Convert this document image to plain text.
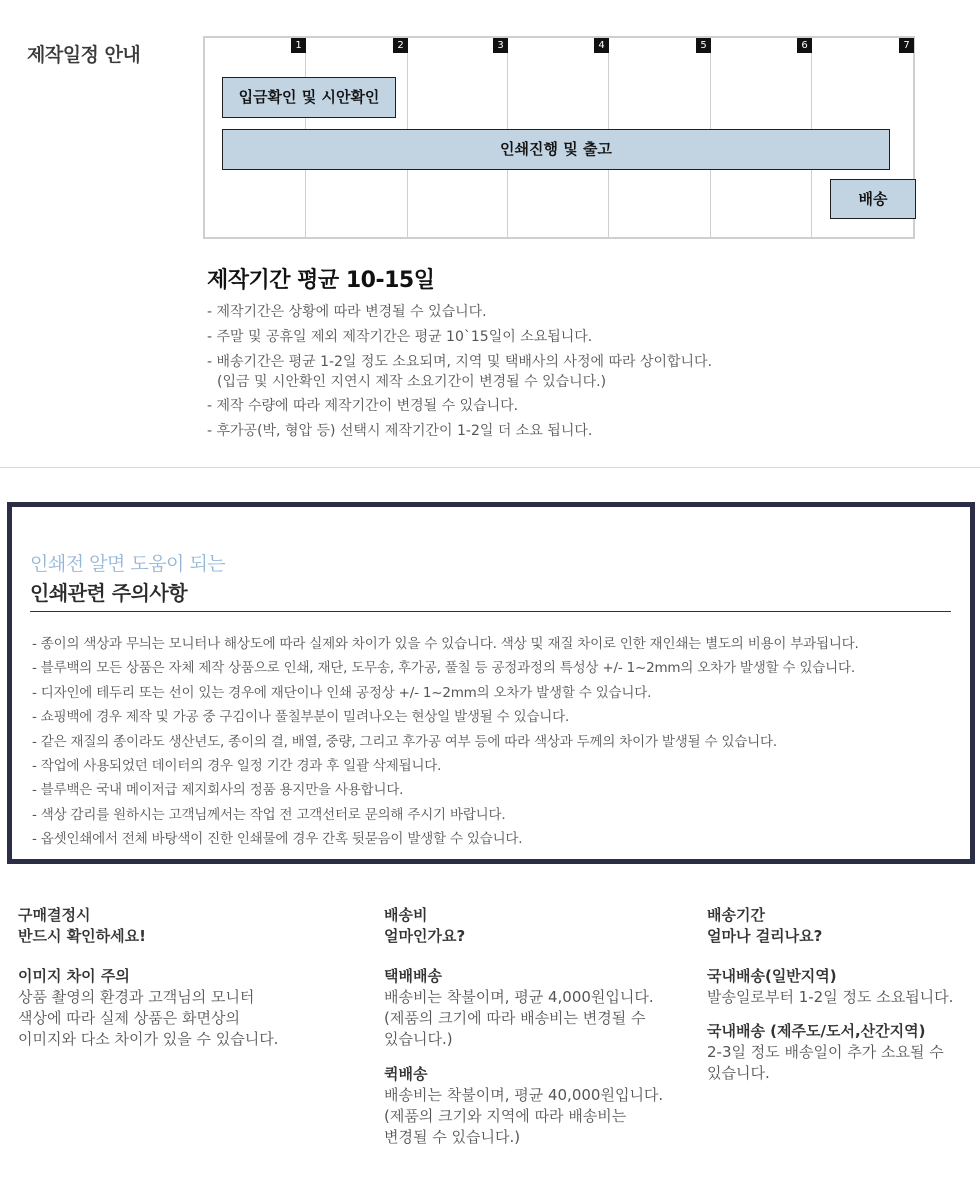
제작일정 안내	1	2	3	4	5	6	7
입금확인 및 시안확인
인쇄진행 및 출고
배송
제작기간 평균 10-15일
- 제작기간은 상황에 따라 변경될 수 있습니다.
- 주말 및 공휴일 제외 제작기간은 평균 10`15일이 소요됩니다.
- 배송기간은 평균 1-2일 정도 소요되며, 지역 및 택배사의 사정에 따라 상이합니다.
(입금 및 시안확인 지연시 제작 소요기간이 변경될 수 있습니다.)
- 제작 수량에 따라 제작기간이 변경될 수 있습니다.
- 후가공(박, 형압 등) 선택시 제작기간이 1-2일 더 소요 됩니다.
인쇄전 알면 도움이 되는
인쇄관련 주의사항
- 종이의 색상과 무늬는 모니터나 해상도에 따라 실제와 차이가 있을 수 있습니다. 색상 및 재질 차이로 인한 재인쇄는 별도의 비용이 부과됩니다.
- 블루백의 모든 상품은 자체 제작 상품으로 인쇄, 재단, 도무송, 후가공, 풀칠 등 공정과정의 특성상 +/- 1~2mm의 오차가 발생할 수 있습니다.
- 디자인에 테두리 또는 선이 있는 경우에 재단이나 인쇄 공정상 +/- 1~2mm의 오차가 발생할 수 있습니다.
- 쇼핑백에 경우 제작 및 가공 중 구김이나 풀칠부분이 밀려나오는 현상일 발생될 수 있습니다.
- 같은 재질의 종이라도 생산년도, 종이의 결, 배열, 중량, 그리고 후가공 여부 등에 따라 색상과 두께의 차이가 발생될 수 있습니다.
- 작업에 사용되었던 데이터의 경우 일정 기간 경과 후 일괄 삭제됩니다.
- 블루백은 국내 메이저급 제지회사의 정품 용지만을 사용합니다.
- 색상 감리를 원하시는 고객님께서는 작업 전 고객선터로 문의해 주시기 바랍니다.
- 옵셋인쇄에서 전체 바탕색이 진한 인쇄물에 경우 간혹 뒷묻음이 발생할 수 있습니다.
구매결정시
반드시 확인하세요!
이미지 차이 주의
상품 촬영의 환경과 고객님의 모니터
색상에 따라 실제 상품은 화면상의
이미지와 다소 차이가 있을 수 있습니다.
배송비
얼마인가요?
택배배송
배송비는 착불이며, 평균 4,000원입니다.
(제품의 크기에 따라 배송비는 변경될 수
있습니다.)
퀵배송
배송비는 착불이며, 평균 40,000원입니다.
(제품의 크기와 지역에 따라 배송비는
변경될 수 있습니다.)
배송기간
얼마나 걸리나요?
국내배송(일반지역)
발송일로부터 1-2일 정도 소요됩니다.
국내배송 (제주도/도서,산간지역)
2-3일 정도 배송일이 추가 소요될 수
있습니다.
